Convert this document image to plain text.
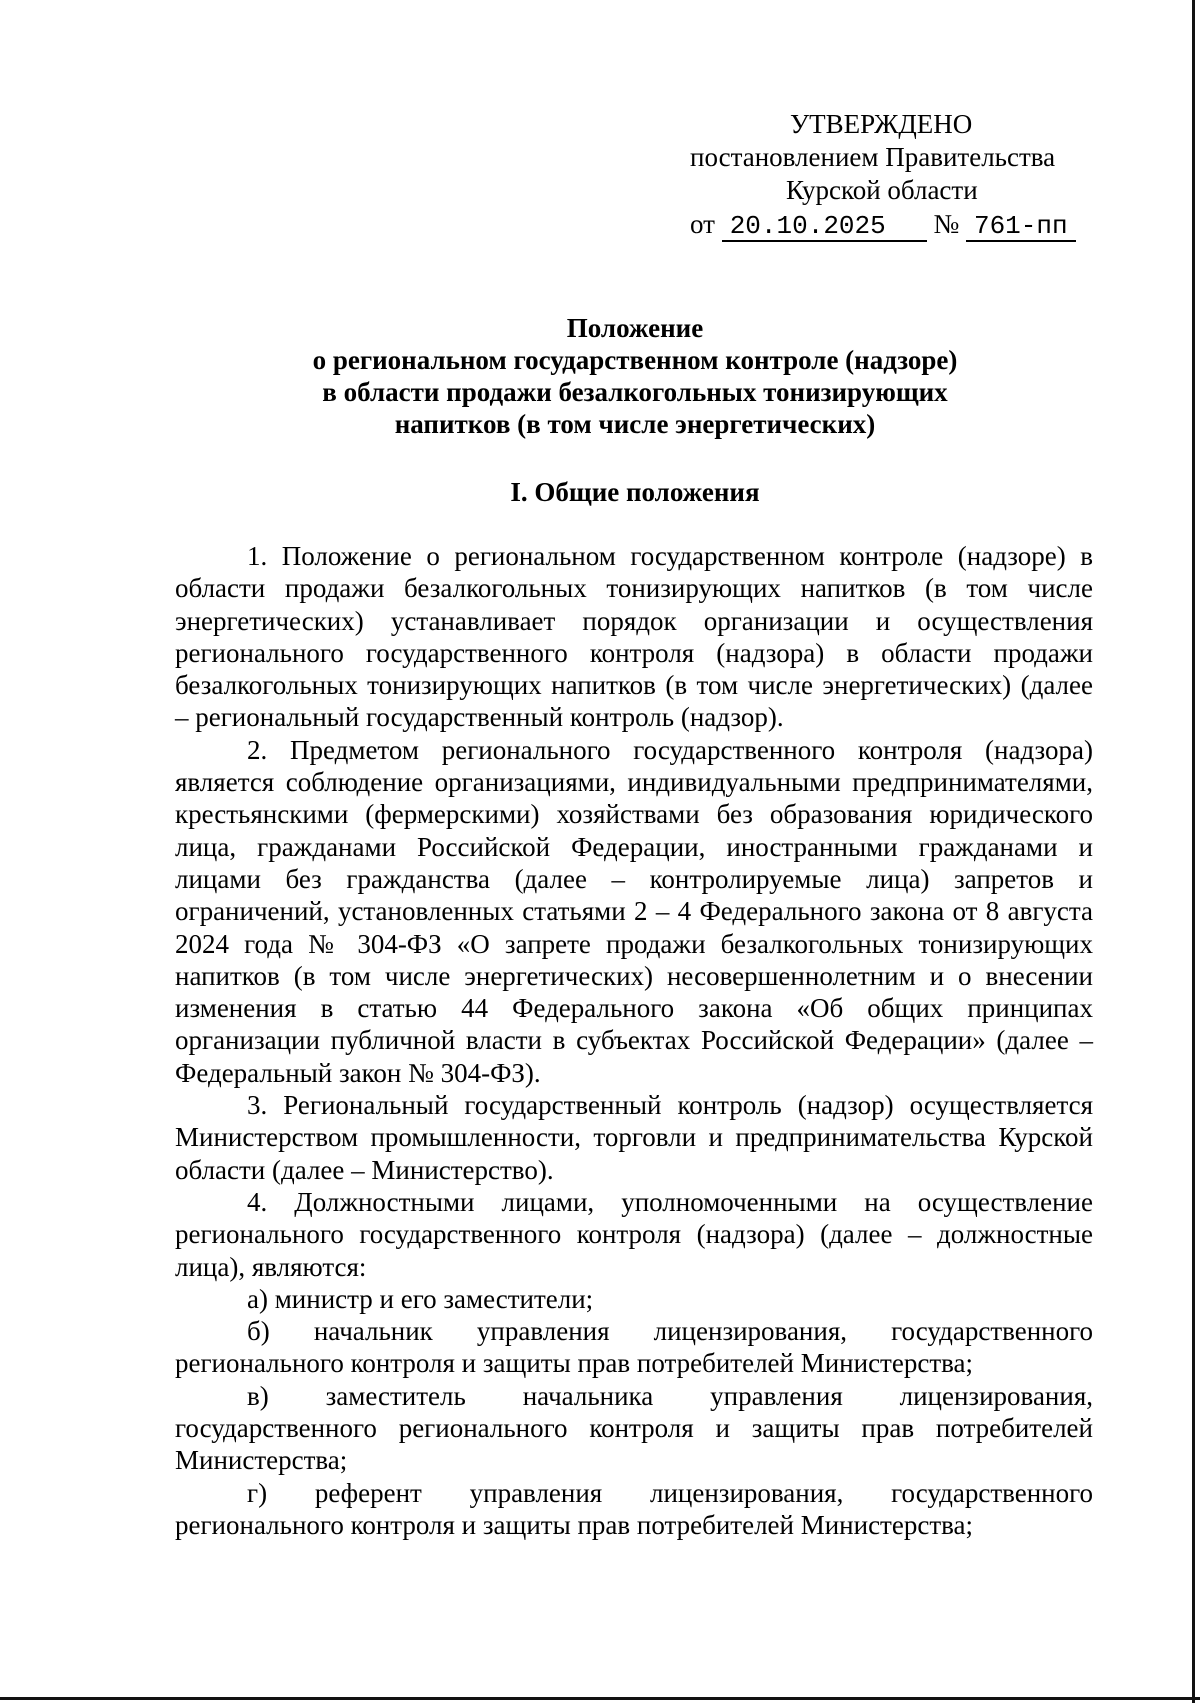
УТВЕРЖДЕНО
постановлением Правительства
Курской области
от 20.10.2025 № 761-пп
Положение
о региональном государственном контроле (надзоре)
в области продажи безалкогольных тонизирующих
напитков (в том числе энергетических)
I. Общие положения

1. Положение о региональном государственном контроле (надзоре) в области продажи безалкогольных тонизирующих напитков (в том числе энергетических) устанавливает порядок организации и осуществления регионального государственного контроля (надзора) в области продажи безалкогольных тонизирующих напитков (в том числе энергетических) (далее – региональный государственный контроль (надзор).

2. Предметом регионального государственного контроля (надзора) является соблюдение организациями, индивидуальными предпринимателями, крестьянскими (фермерскими) хозяйствами без образования юридического лица, гражданами Российской Федерации, иностранными гражданами и лицами без гражданства (далее – контролируемые лица) запретов и ограничений, установленных статьями 2 – 4 Федерального закона от 8 августа 2024 года № 304-ФЗ «О запрете продажи безалкогольных тонизирующих напитков (в том числе энергетических) несовершеннолетним и о внесении изменения в статью 44 Федерального закона «Об общих принципах организации публичной власти в субъектах Российской Федерации» (далее – Федеральный закон № 304-ФЗ).

3. Региональный государственный контроль (надзор) осуществляется Министерством промышленности, торговли и предпринимательства Курской области (далее – Министерство).

4. Должностными лицами, уполномоченными на осуществление регионального государственного контроля (надзора) (далее – должностные лица), являются:

а) министр и его заместители;

б) начальник управления лицензирования, государственного регионального контроля и защиты прав потребителей Министерства;

в) заместитель начальника управления лицензирования, государственного регионального контроля и защиты прав потребителей Министерства;

г) референт управления лицензирования, государственного регионального контроля и защиты прав потребителей Министерства;
